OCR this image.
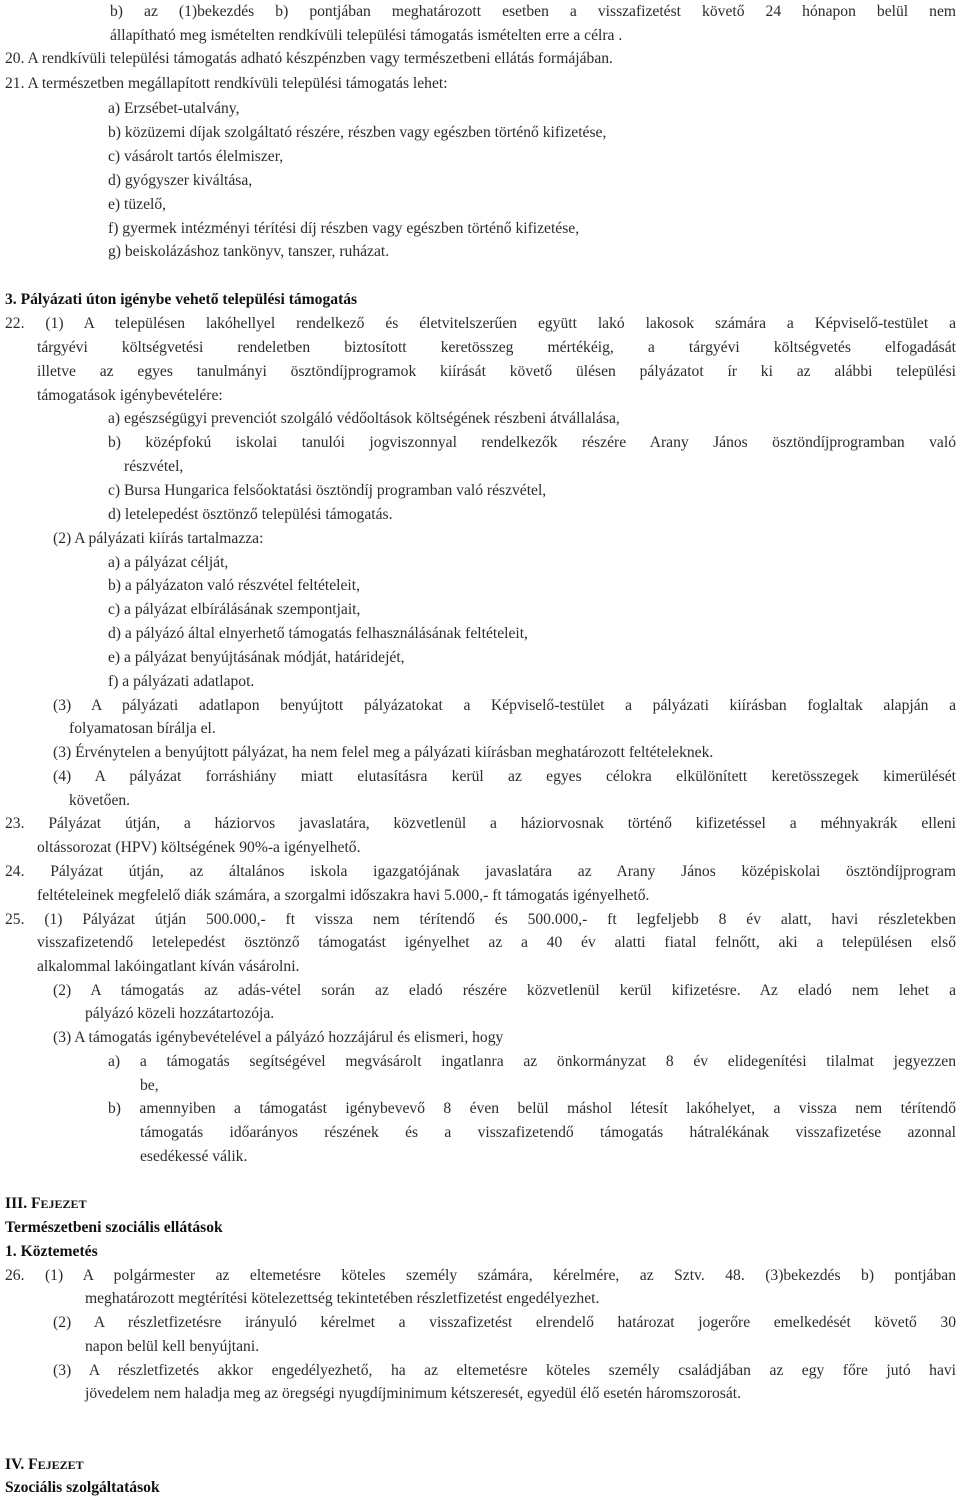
b) az (1)bekezdés b) pontjában meghatározott esetben a visszafizetést követő 24 hónapon belül nem
állapítható meg ismételten rendkívüli települési támogatás ismételten erre a célra .
20. A rendkívüli települési támogatás adható készpénzben vagy természetbeni ellátás formájában.
21. A természetben megállapított rendkívüli települési támogatás lehet:
a) Erzsébet-utalvány,
b) közüzemi díjak szolgáltató részére, részben vagy egészben történő kifizetése,
c) vásárolt tartós élelmiszer,
d) gyógyszer kiváltása,
e) tüzelő,
f) gyermek intézményi térítési díj részben vagy egészben történő kifizetése,
g) beiskolázáshoz tankönyv, tanszer, ruházat.
3. Pályázati úton igénybe vehető települési támogatás
22. (1) A településen lakóhellyel rendelkező és életvitelszerűen együtt lakó lakosok számára a Képviselő-testület a
tárgyévi költségvetési rendeletben biztosított keretösszeg mértékéig, a tárgyévi költségvetés elfogadását
illetve az egyes tanulmányi ösztöndíjprogramok kiírását követő ülésen pályázatot ír ki az alábbi települési
támogatások igénybevételére:
a) egészségügyi prevenciót szolgáló védőoltások költségének részbeni átvállalása,
b) középfokú iskolai tanulói jogviszonnyal rendelkezők részére Arany János ösztöndíjprogramban való
részvétel,
c) Bursa Hungarica felsőoktatási ösztöndíj programban való részvétel,
d) letelepedést ösztönző települési támogatás.
(2) A pályázati kiírás tartalmazza:
a) a pályázat célját,
b) a pályázaton való részvétel feltételeit,
c) a pályázat elbírálásának szempontjait,
d) a pályázó által elnyerhető támogatás felhasználásának feltételeit,
e) a pályázat benyújtásának módját, határidejét,
f) a pályázati adatlapot.
(3) A pályázati adatlapon benyújtott pályázatokat a Képviselő-testület a pályázati kiírásban foglaltak alapján a
folyamatosan bírálja el.
(3) Érvénytelen a benyújtott pályázat, ha nem felel meg a pályázati kiírásban meghatározott feltételeknek.
(4) A pályázat forráshiány miatt elutasításra kerül az egyes célokra elkülönített keretösszegek kimerülését
követően.
23. Pályázat útján, a háziorvos javaslatára, közvetlenül a háziorvosnak történő kifizetéssel a méhnyakrák elleni
oltássorozat (HPV) költségének 90%-a igényelhető.
24. Pályázat útján, az általános iskola igazgatójának javaslatára az Arany János középiskolai ösztöndíjprogram
feltételeinek megfelelő diák számára, a szorgalmi időszakra havi 5.000,- ft támogatás igényelhető.
25. (1) Pályázat útján 500.000,- ft vissza nem térítendő és 500.000,- ft legfeljebb 8 év alatt, havi részletekben
visszafizetendő letelepedést ösztönző támogatást igényelhet az a 40 év alatti fiatal felnőtt, aki a településen első
alkalommal lakóingatlant kíván vásárolni.
(2) A támogatás az adás-vétel során az eladó részére közvetlenül kerül kifizetésre. Az eladó nem lehet a
pályázó közeli hozzátartozója.
(3) A támogatás igénybevételével a pályázó hozzájárul és elismeri, hogy
a) a támogatás segítségével megvásárolt ingatlanra az önkormányzat 8 év elidegenítési tilalmat jegyezzen
be,
b) amennyiben a támogatást igénybevevő 8 éven belül máshol létesít lakóhelyet, a vissza nem térítendő
támogatás időarányos részének és a visszafizetendő támogatás hátralékának visszafizetése azonnal
esedékessé válik.
III. FEJEZET
Természetbeni szociális ellátások
1. Köztemetés
26. (1) A polgármester az eltemetésre köteles személy számára, kérelmére, az Sztv. 48. (3)bekezdés b) pontjában
meghatározott megtérítési kötelezettség tekintetében részletfizetést engedélyezhet.
(2) A részletfizetésre irányuló kérelmet a visszafizetést elrendelő határozat jogerőre emelkedését követő 30
napon belül kell benyújtani.
(3) A részletfizetés akkor engedélyezhető, ha az eltemetésre köteles személy családjában az egy főre jutó havi
jövedelem nem haladja meg az öregségi nyugdíjminimum kétszeresét, egyedül élő esetén háromszorosát.
IV. FEJEZET
Szociális szolgáltatások
